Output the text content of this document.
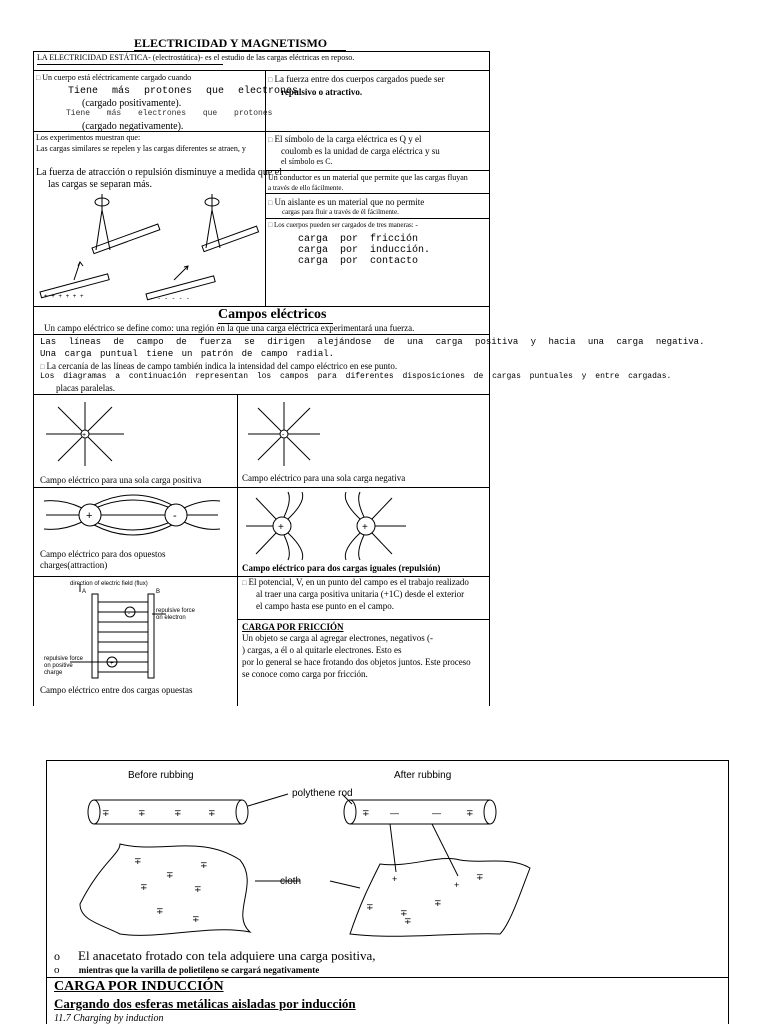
ELECTRICIDAD Y MAGNETISMO
LA ELECTRICIDAD ESTÁTICA- (electrostática)- es el estudio de las cargas eléctricas en reposo.
□ Un cuerpo está eléctricamente cargado cuando
Tiene más protones que electrones
(cargado positivamente).
Tiene más electrones que protones
(cargado negativamente).
□ La fuerza entre dos cuerpos cargados puede ser
repulsivo o atractivo.
Los experimentos muestran que:
Las cargas similares se repelen y las cargas diferentes se atraen, y
La fuerza de atracción o repulsión disminuye a medida que el
las cargas se separan más.
+ + + + + +	- - - - - -
□ El símbolo de la carga eléctrica es Q y el
coulomb es la unidad de carga eléctrica y su
el símbolo es C.
Un conductor es un material que permite que las cargas fluyan
a través de ello fácilmente.
□ Un aislante es un material que no permite
cargas para fluir a través de él fácilmente.
□ Los cuerpos pueden ser cargados de tres maneras: -
carga por fricción
carga por inducción.
carga por contacto
Campos eléctricos
Un campo eléctrico se define como: una región en la que una carga eléctrica experimentará una fuerza.
Las líneas de campo de fuerza se dirigen alejándose de una carga positiva y hacia una carga negativa.
Una carga puntual tiene un patrón de campo radial.
□ La cercanía de las líneas de campo también indica la intensidad del campo eléctrico en ese punto.
Los diagramas a continuación representan los campos para diferentes disposiciones de cargas puntuales y entre cargadas.
placas paralelas.
+
Campo eléctrico para una sola carga positiva
-
Campo eléctrico para una sola carga negativa
+	-
Campo eléctrico para dos opuestos
charges(attraction)
+	+
Campo eléctrico para dos cargas iguales (repulsión)
direction of electric field (flux)
A	B
repulsive force
on electron
repulsive force
on positive
charge
-
+
Campo eléctrico entre dos cargas opuestas
□ El potencial, V, en un punto del campo es el trabajo realizado
al traer una carga positiva unitaria (+1C) desde el exterior
el campo hasta ese punto en el campo.
CARGA POR FRICCIÓN
Un objeto se carga al agregar electrones, negativos (-
) cargas, a él o al quitarle electrones. Esto es
por lo general se hace frotando dos objetos juntos. Este proceso
se conoce como carga por fricción.
Before rubbing	After rubbing
polythene rod
cloth
∓	∓	∓	∓	∓ —	—	∓
∓
∓
∓
∓	∓
∓
∓
+
+
∓
∓
∓
∓
∓
o      El anacetato frotado con tela adquiere una carga positiva,
o       mientras que la varilla de polietileno se cargará negativamente
CARGA POR INDUCCIÓN
Cargando dos esferas metálicas aisladas por inducción
11.7 Charging by induction
